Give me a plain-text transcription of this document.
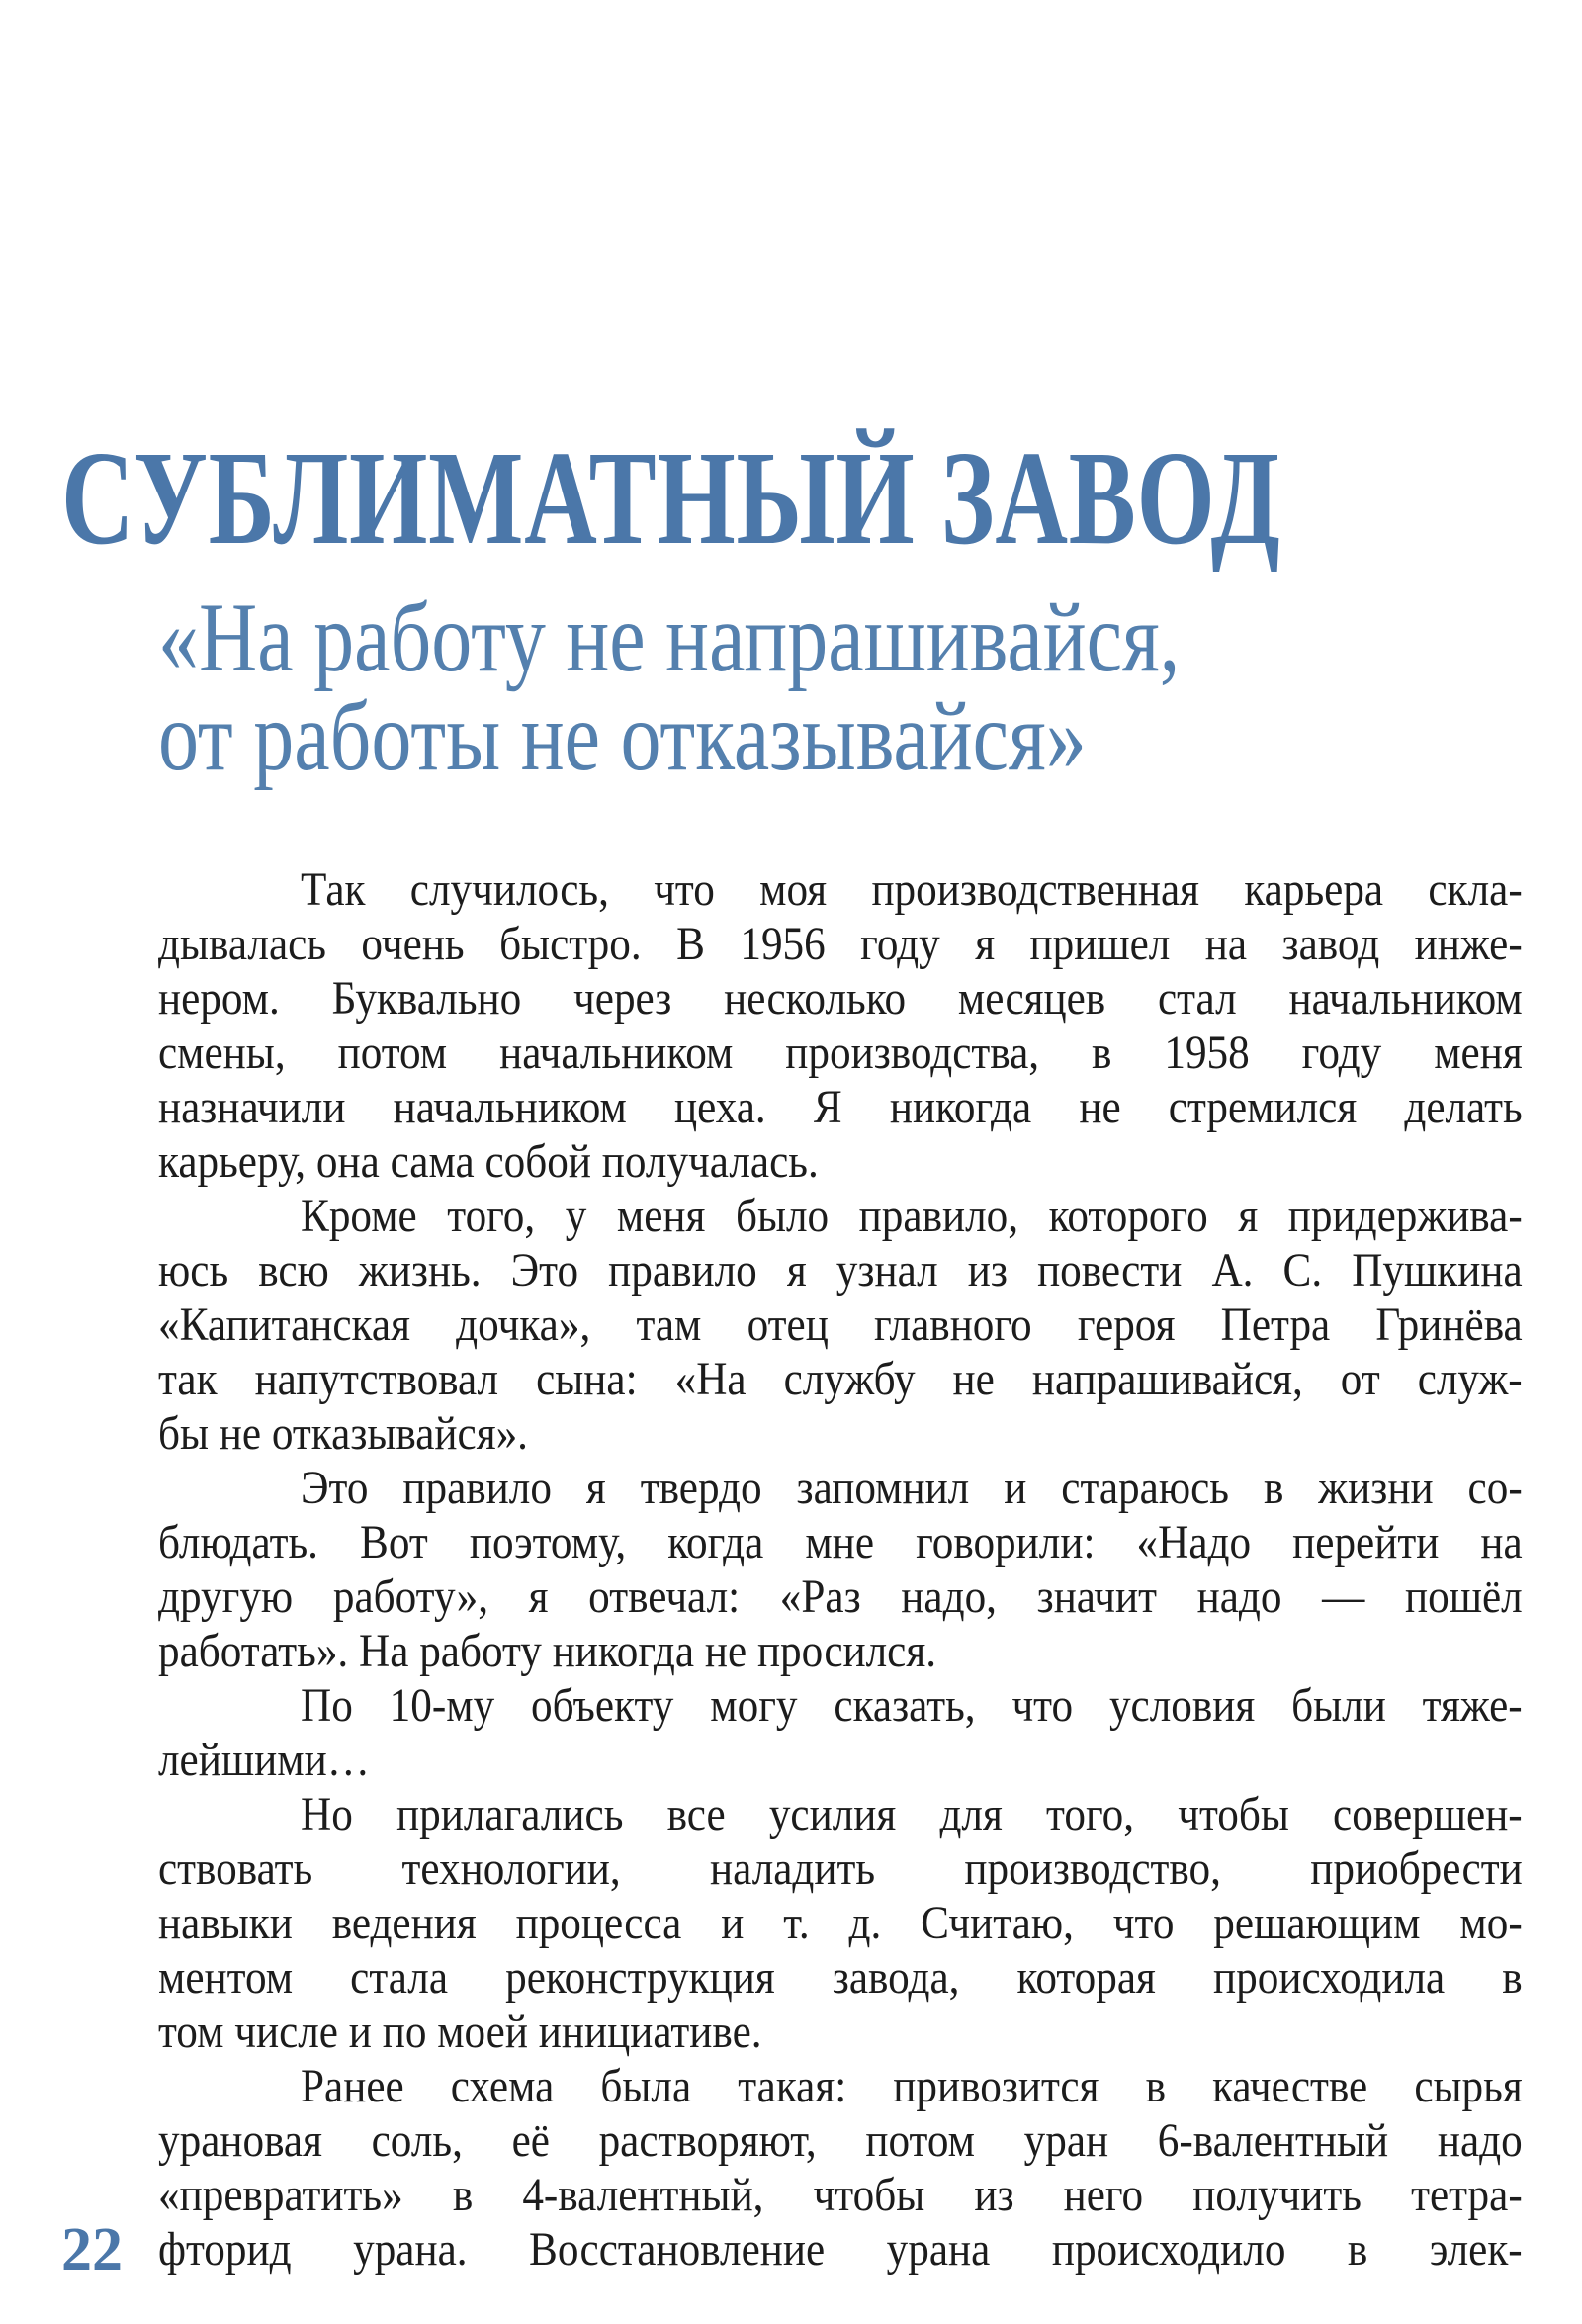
СУБЛИМАТНЫЙ ЗАВОД
«На работу не напрашивайся,
от работы не отказывайся»
Так случилось, что моя производственная карьера скла-
дывалась очень быстро. В 1956 году я пришел на завод инже-
нером. Буквально через несколько месяцев стал начальником
смены, потом начальником производства, в 1958 году меня
назначили начальником цеха. Я никогда не стремился делать
карьеру, она сама собой получалась.
Кроме того, у меня было правило, которого я придержива-
юсь всю жизнь. Это правило я узнал из повести А. С. Пушкина
«Капитанская дочка», там отец главного героя Петра Гринёва
так напутствовал сына: «На службу не напрашивайся, от служ-
бы не отказывайся».
Это правило я твердо запомнил и стараюсь в жизни со-
блюдать. Вот поэтому, когда мне говорили: «Надо перейти на
другую работу», я отвечал: «Раз надо, значит надо — пошёл
работать». На работу никогда не просился.
По 10-му объекту могу сказать, что условия были тяже-
лейшими…
Но прилагались все усилия для того, чтобы совершен-
ствовать технологии, наладить производство, приобрести
навыки ведения процесса и т. д. Считаю, что решающим мо-
ментом стала реконструкция завода, которая происходила в
том числе и по моей инициативе.
Ранее схема была такая: привозится в качестве сырья
урановая соль, её растворяют, потом уран 6-валентный надо
«превратить» в 4-валентный, чтобы из него получить тетра-
фторид урана. Восстановление урана происходило в элек-
22
